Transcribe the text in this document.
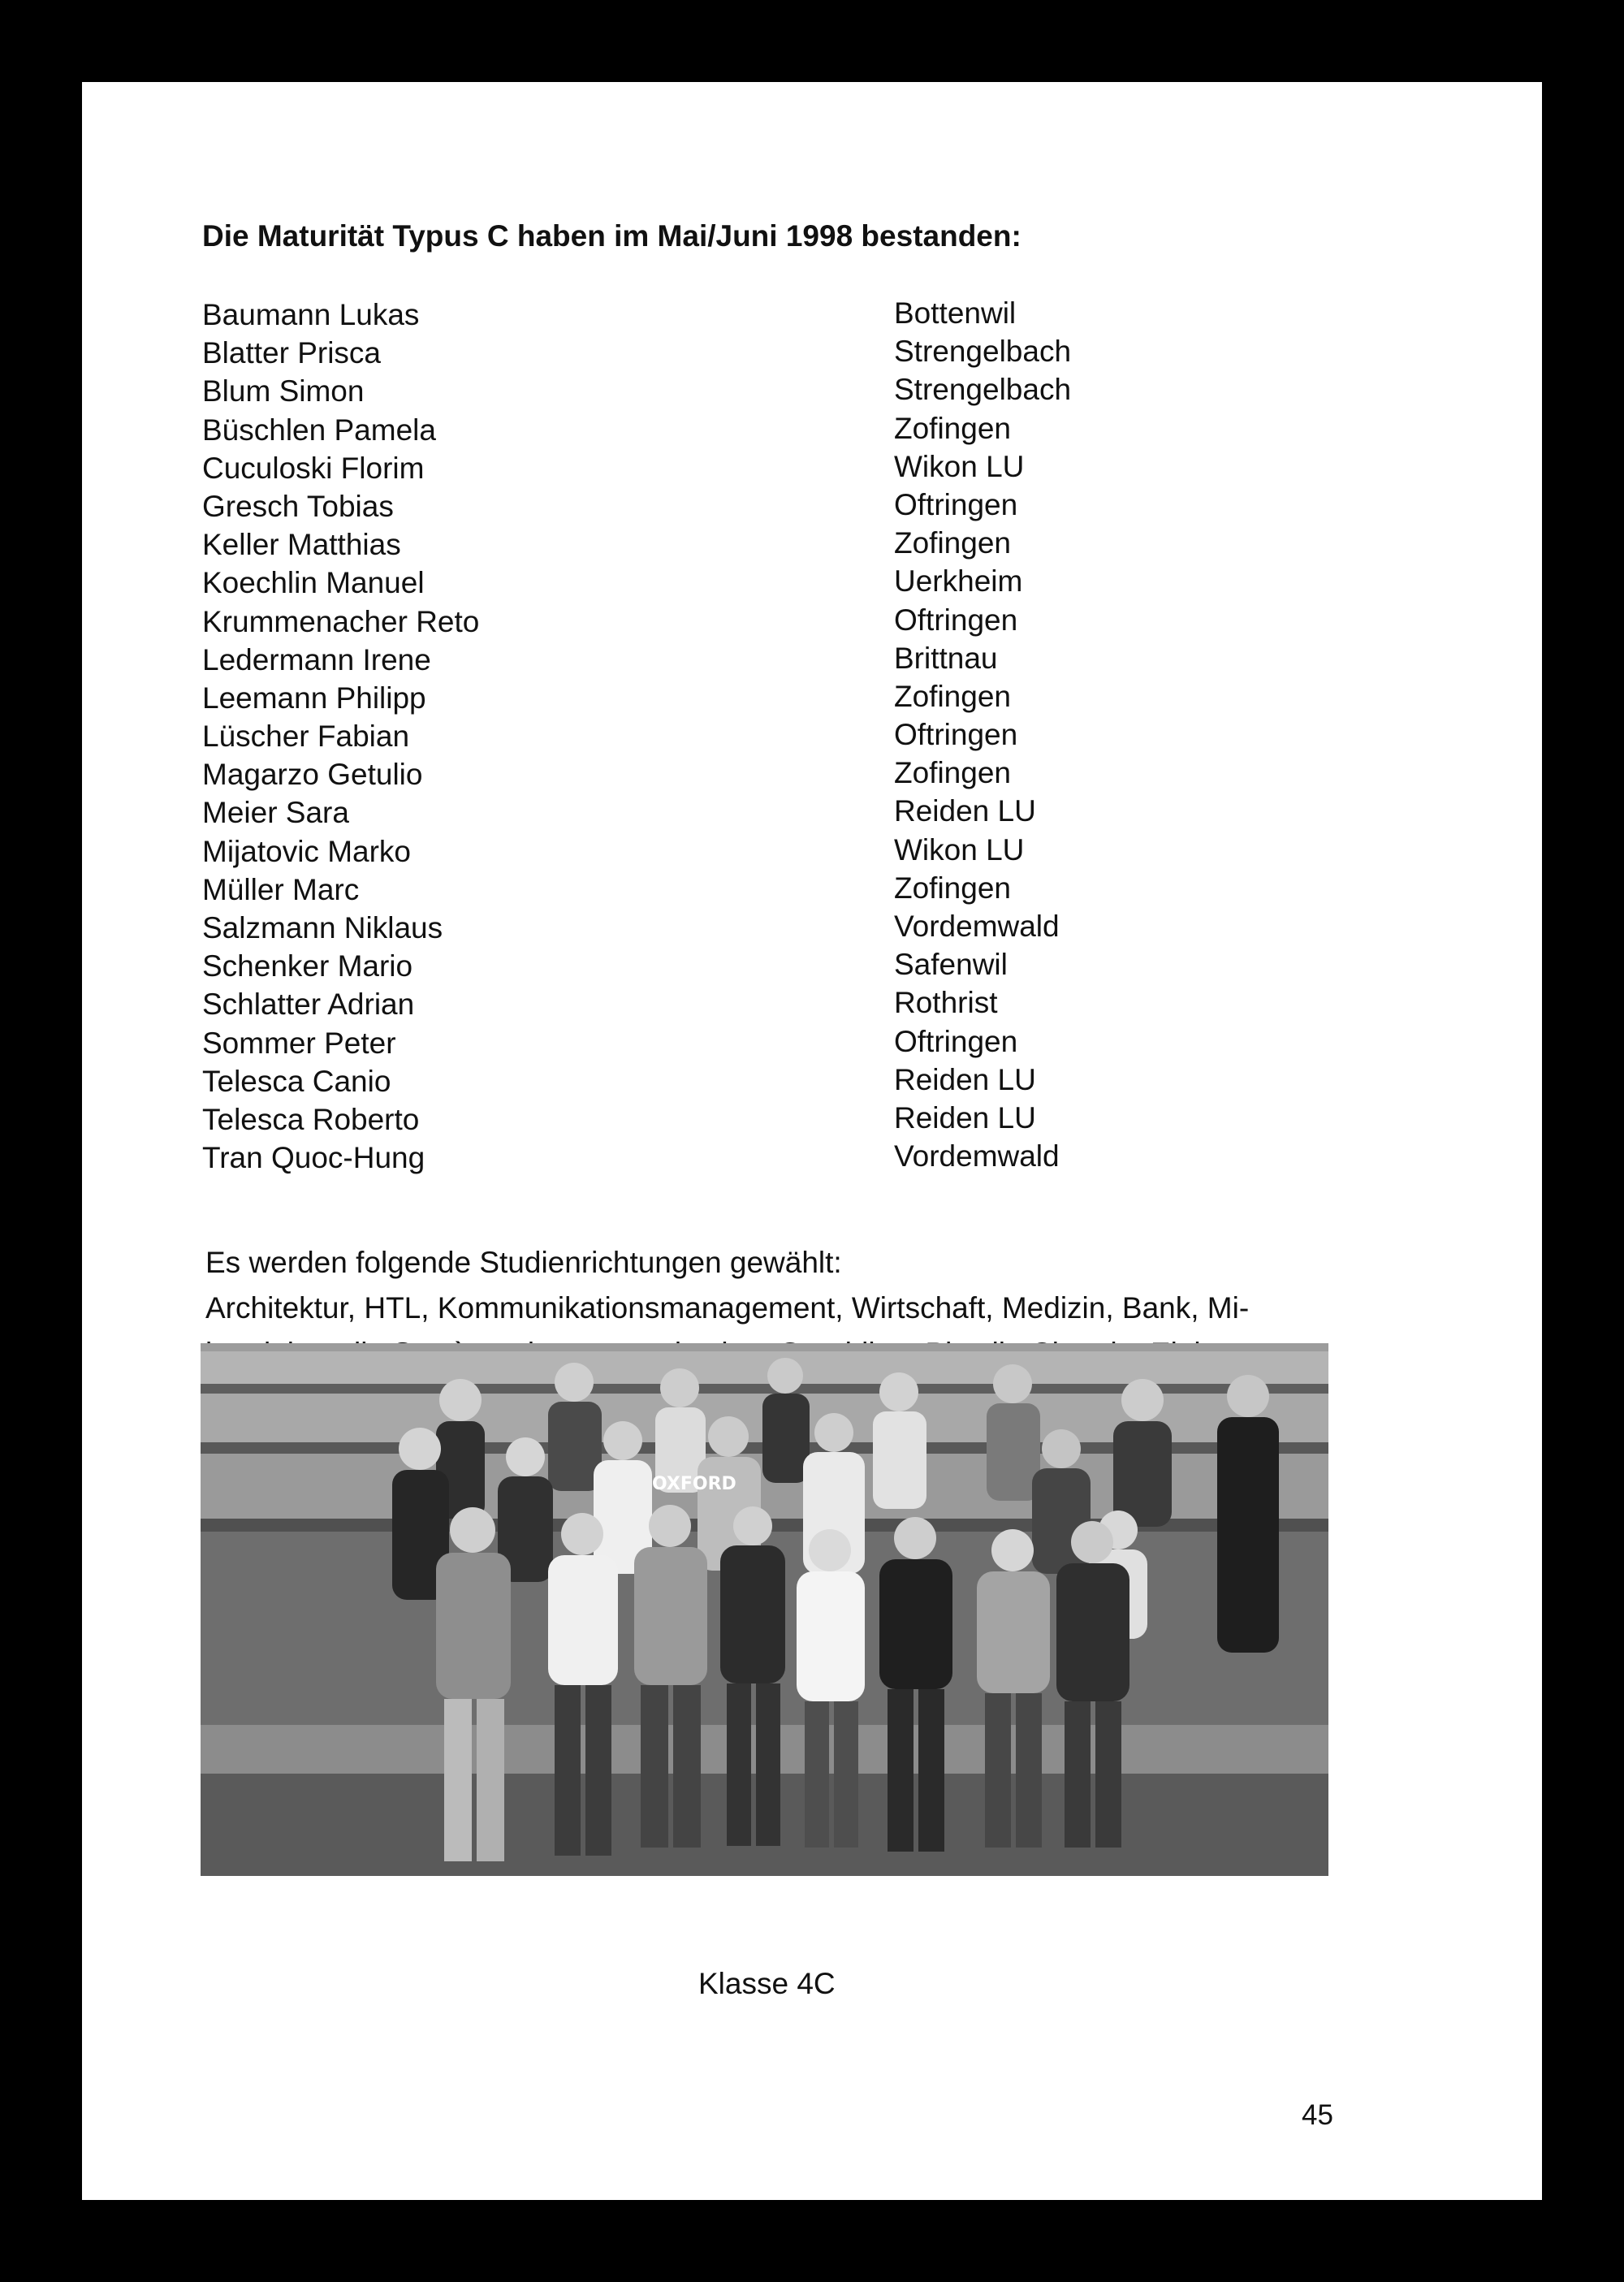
Die Maturität Typus C haben im Mai/Juni 1998 bestanden:
Baumann Lukas
Blatter Prisca
Blum Simon
Büschlen Pamela
Cuculoski Florim
Gresch Tobias
Keller Matthias
Koechlin Manuel
Krummenacher Reto
Ledermann Irene
Leemann Philipp
Lüscher Fabian
Magarzo Getulio
Meier Sara
Mijatovic Marko
Müller Marc
Salzmann Niklaus
Schenker Mario
Schlatter Adrian
Sommer Peter
Telesca Canio
Telesca Roberto
Tran Quoc-Hung
Bottenwil
Strengelbach
Strengelbach
Zofingen
Wikon LU
Oftringen
Zofingen
Uerkheim
Oftringen
Brittnau
Zofingen
Oftringen
Zofingen
Reiden LU
Wikon LU
Zofingen
Vordemwald
Safenwil
Rothrist
Oftringen
Reiden LU
Reiden LU
Vordemwald

Es werden folgende Studienrichtungen gewählt:
Architektur, HTL, Kommunikationsmanagement, Wirtschaft, Medizin, Bank, Mi-

OXFORD
Klasse 4C
45
